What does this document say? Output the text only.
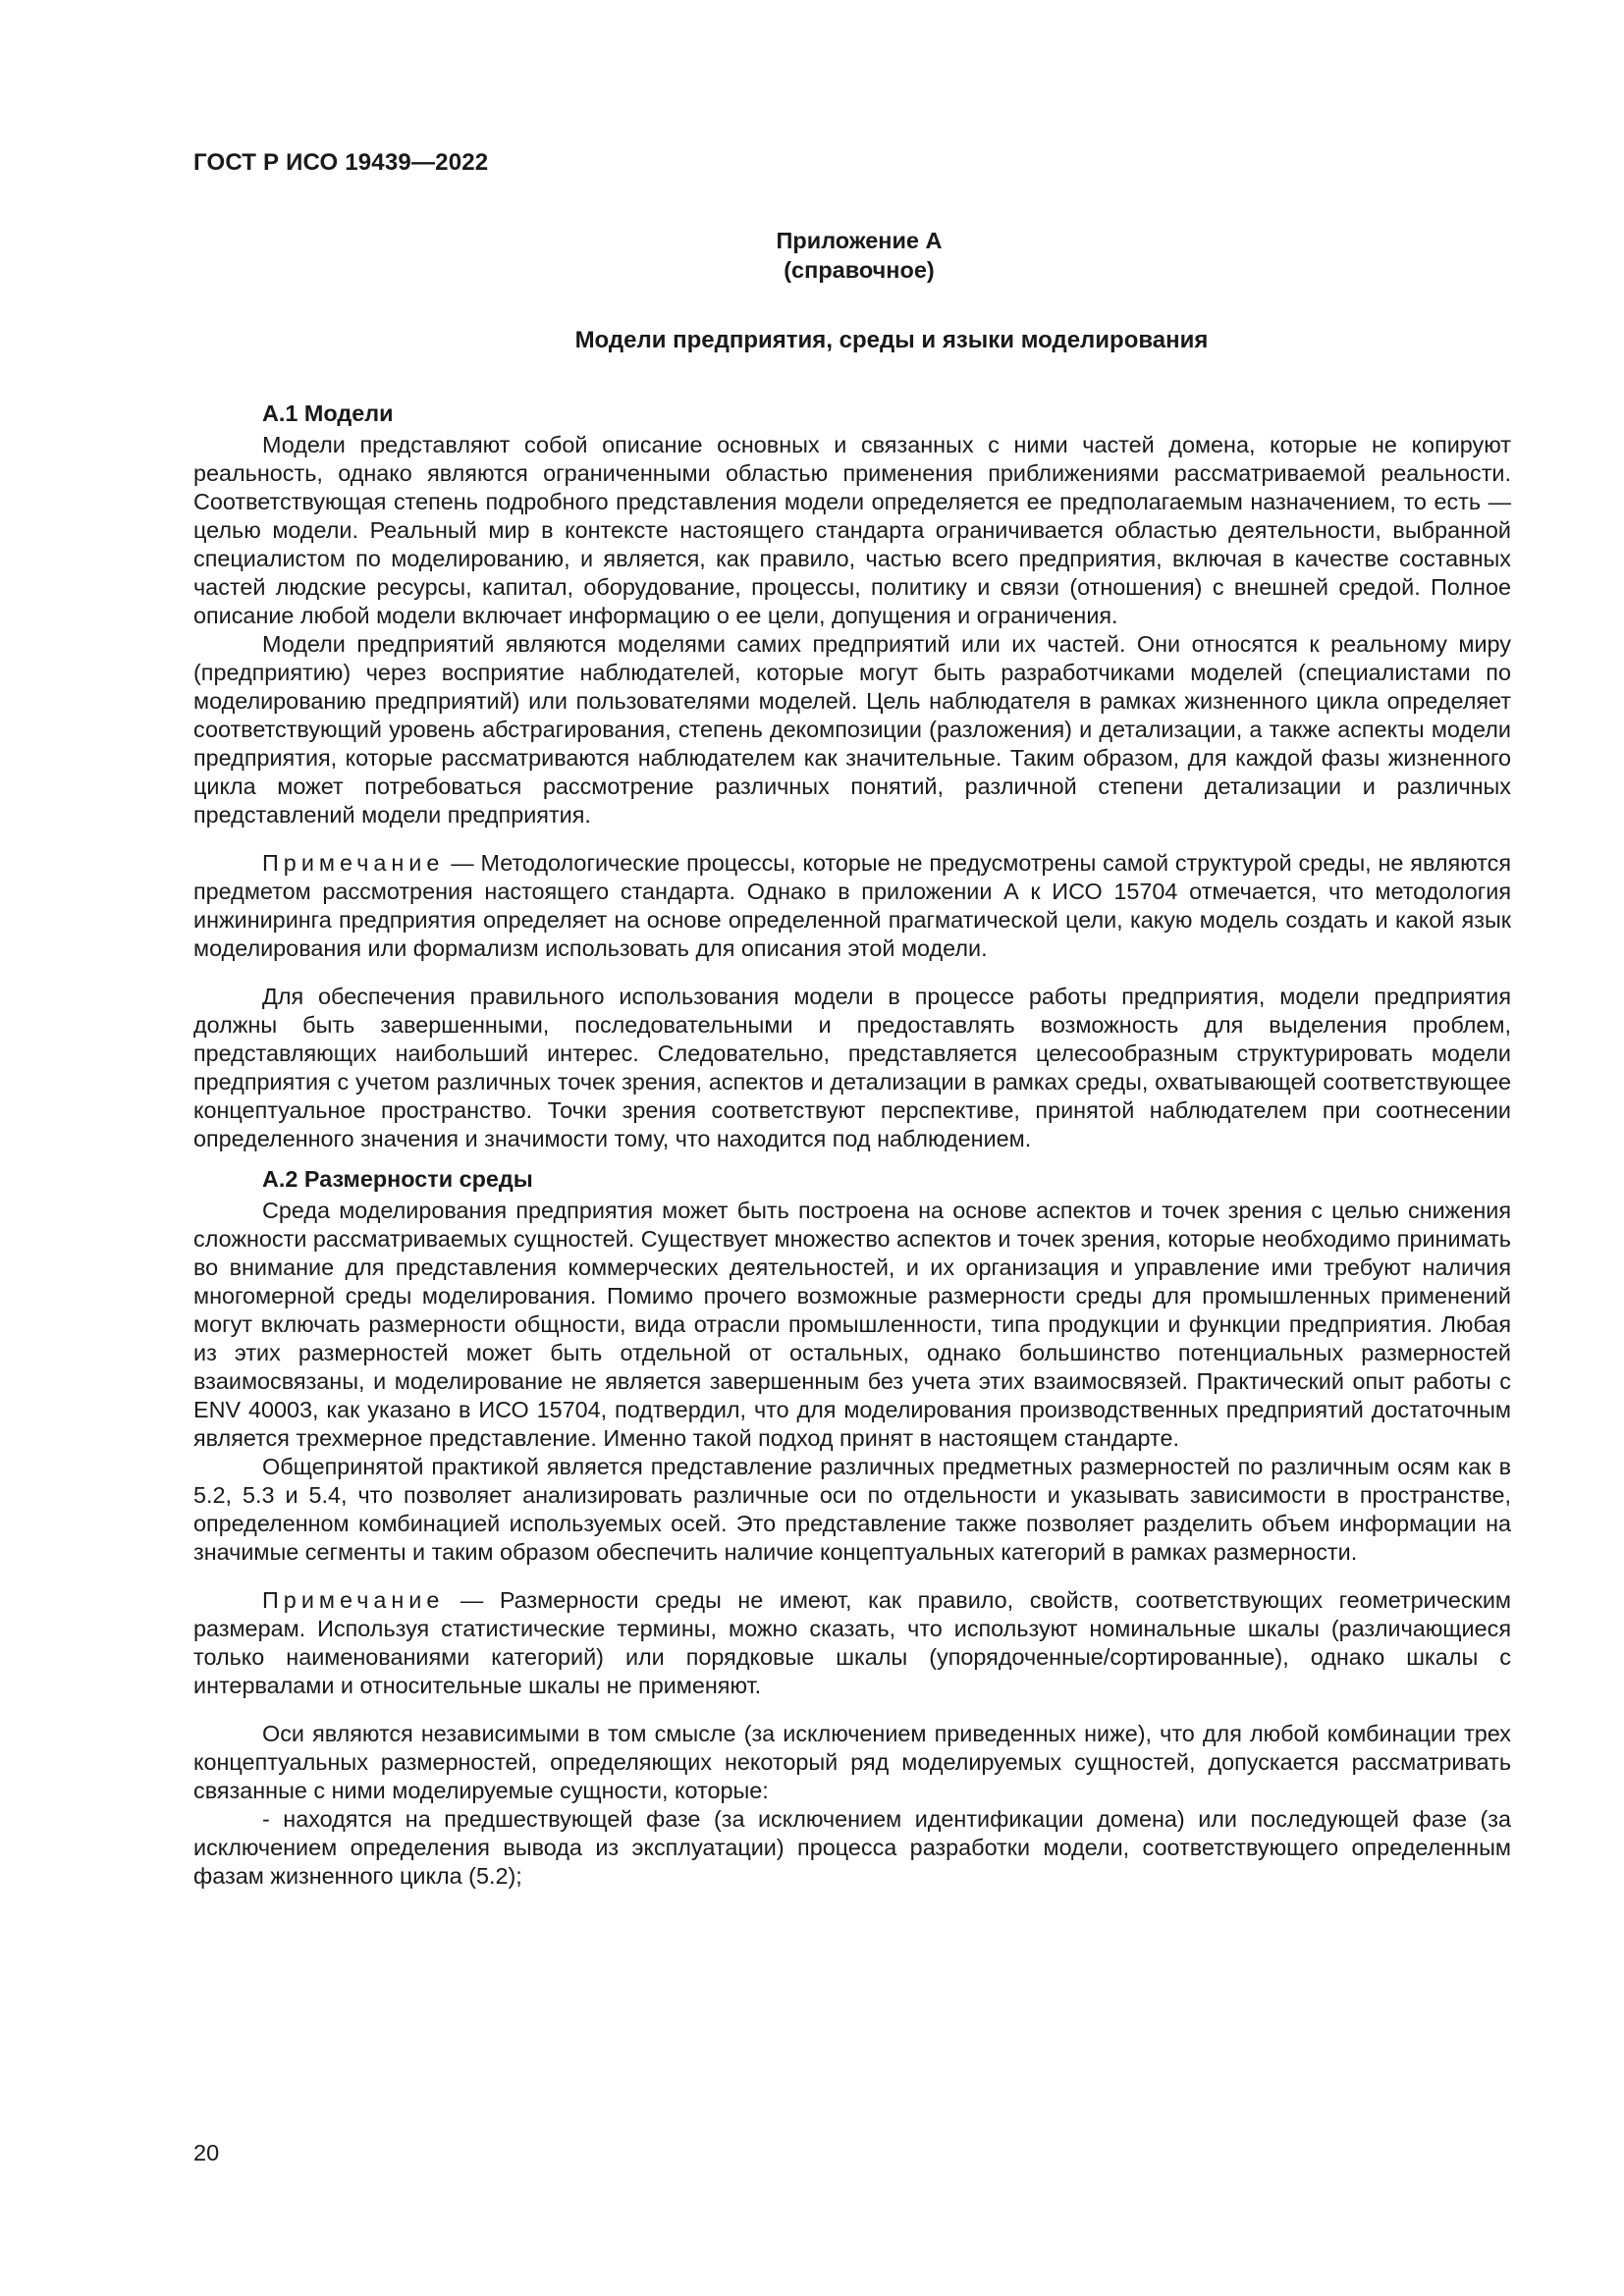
ГОСТ Р ИСО 19439—2022

Приложение А

(справочное)

Модели предприятия, среды и языки моделирования

А.1 Модели

Модели представляют собой описание основных и связанных с ними частей домена, которые не копируют реальность, однако являются ограниченными областью применения приближениями рассматриваемой реальности. Соответствующая степень подробного представления модели определяется ее предполагаемым назначением, то есть — целью модели. Реальный мир в контексте настоящего стандарта ограничивается областью деятельности, выбранной специалистом по моделированию, и является, как правило, частью всего предприятия, включая в качестве составных частей людские ресурсы, капитал, оборудование, процессы, политику и связи (отношения) с внешней средой. Полное описание любой модели включает информацию о ее цели, допущения и ограничения.

Модели предприятий являются моделями самих предприятий или их частей. Они относятся к реальному миру (предприятию) через восприятие наблюдателей, которые могут быть разработчиками моделей (специалистами по моделированию предприятий) или пользователями моделей. Цель наблюдателя в рамках жизненного цикла определяет соответствующий уровень абстрагирования, степень декомпозиции (разложения) и детализации, а также аспекты модели предприятия, которые рассматриваются наблюдателем как значительные. Таким образом, для каждой фазы жизненного цикла может потребоваться рассмотрение различных понятий, различной степени детализации и различных представлений модели предприятия.

Примечание — Методологические процессы, которые не предусмотрены самой структурой среды, не являются предметом рассмотрения настоящего стандарта. Однако в приложении А к ИСО 15704 отмечается, что методология инжиниринга предприятия определяет на основе определенной прагматической цели, какую модель создать и какой язык моделирования или формализм использовать для описания этой модели.

Для обеспечения правильного использования модели в процессе работы предприятия, модели предприятия должны быть завершенными, последовательными и предоставлять возможность для выделения проблем, представляющих наибольший интерес. Следовательно, представляется целесообразным структурировать модели предприятия с учетом различных точек зрения, аспектов и детализации в рамках среды, охватывающей соответствующее концептуальное пространство. Точки зрения соответствуют перспективе, принятой наблюдателем при соотнесении определенного значения и значимости тому, что находится под наблюдением.

А.2 Размерности среды

Среда моделирования предприятия может быть построена на основе аспектов и точек зрения с целью снижения сложности рассматриваемых сущностей. Существует множество аспектов и точек зрения, которые необходимо принимать во внимание для представления коммерческих деятельностей, и их организация и управление ими требуют наличия многомерной среды моделирования. Помимо прочего возможные размерности среды для промышленных применений могут включать размерности общности, вида отрасли промышленности, типа продукции и функции предприятия. Любая из этих размерностей может быть отдельной от остальных, однако большинство потенциальных размерностей взаимосвязаны, и моделирование не является завершенным без учета этих взаимосвязей. Практический опыт работы с ENV 40003, как указано в ИСО 15704, подтвердил, что для моделирования производственных предприятий достаточным является трехмерное представление. Именно такой подход принят в настоящем стандарте.

Общепринятой практикой является представление различных предметных размерностей по различным осям как в 5.2, 5.3 и 5.4, что позволяет анализировать различные оси по отдельности и указывать зависимости в пространстве, определенном комбинацией используемых осей. Это представление также позволяет разделить объем информации на значимые сегменты и таким образом обеспечить наличие концептуальных категорий в рамках размерности.

Примечание — Размерности среды не имеют, как правило, свойств, соответствующих геометрическим размерам. Используя статистические термины, можно сказать, что используют номинальные шкалы (различающиеся только наименованиями категорий) или порядковые шкалы (упорядоченные/сортированные), однако шкалы с интервалами и относительные шкалы не применяют.

Оси являются независимыми в том смысле (за исключением приведенных ниже), что для любой комбинации трех концептуальных размерностей, определяющих некоторый ряд моделируемых сущностей, допускается рассматривать связанные с ними моделируемые сущности, которые:

- находятся на предшествующей фазе (за исключением идентификации домена) или последующей фазе (за исключением определения вывода из эксплуатации) процесса разработки модели, соответствующего определенным фазам жизненного цикла (5.2);

20
